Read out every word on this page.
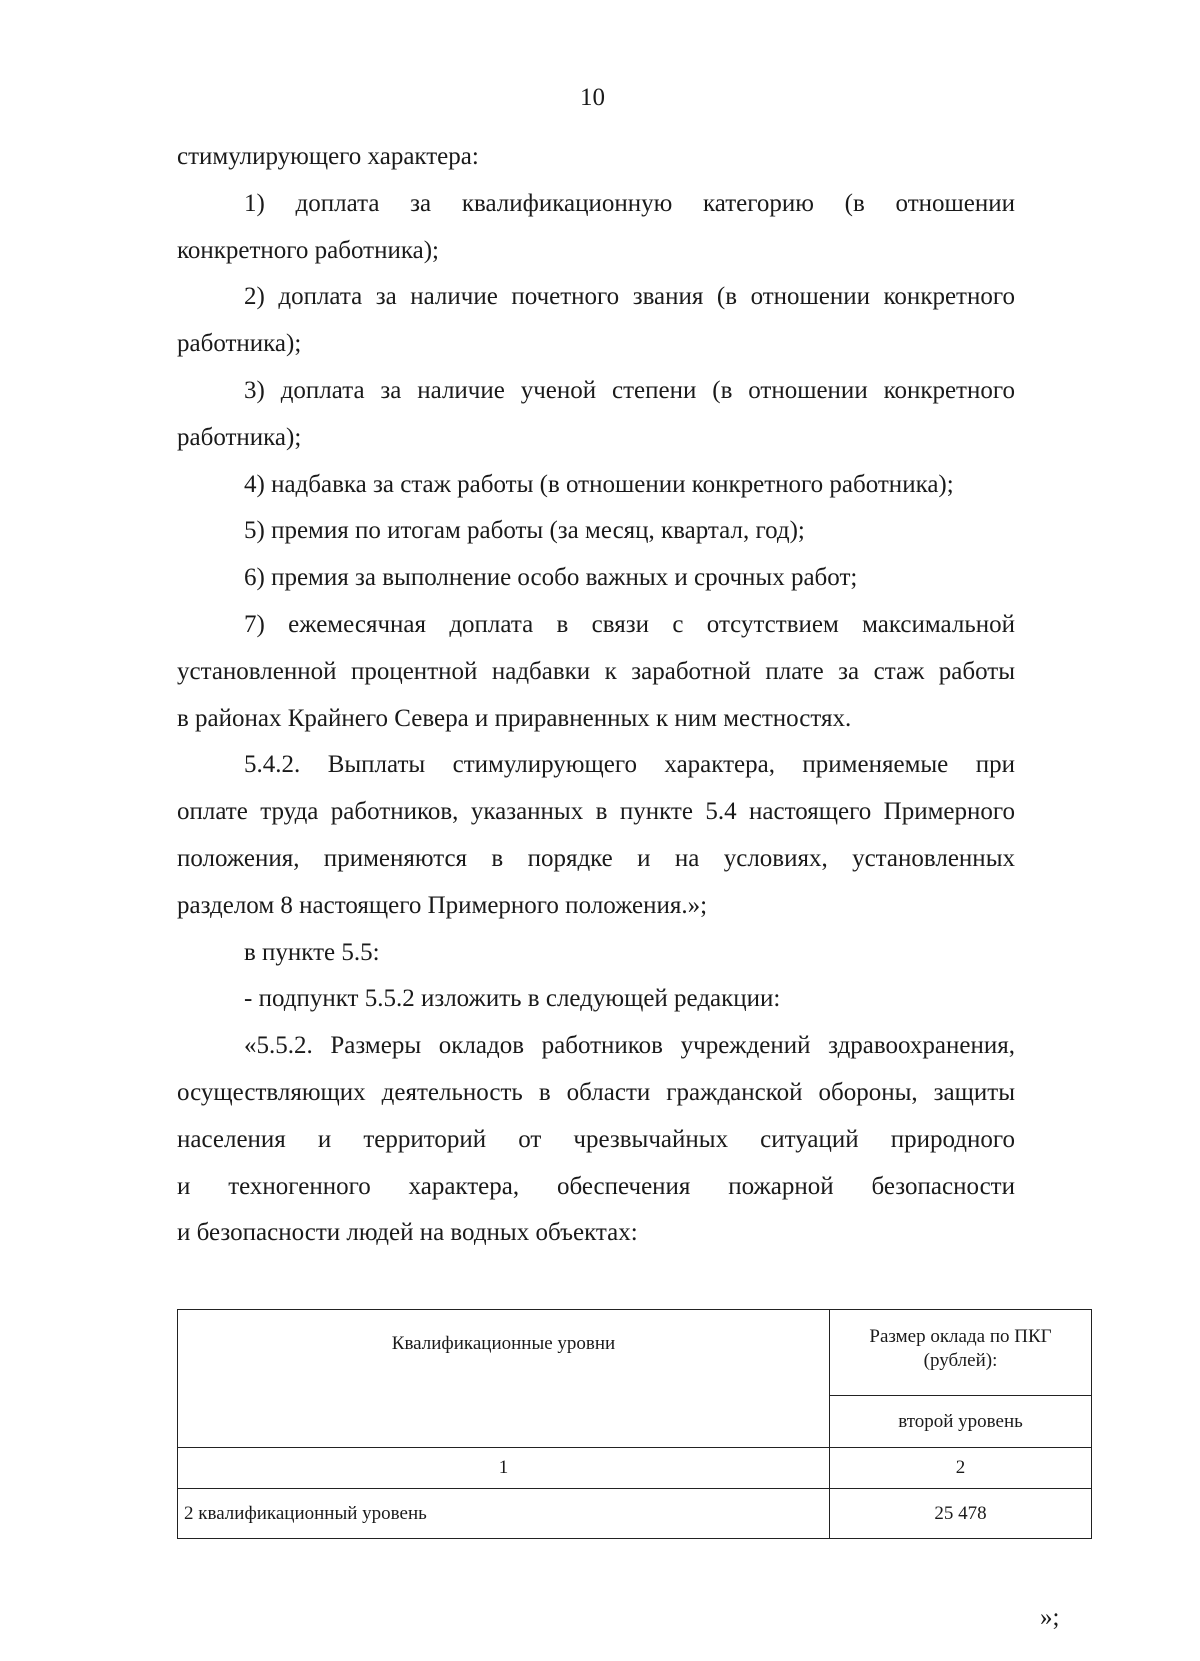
10
стимулирующего характера:
1) доплата за квалификационную категорию (в отношении
конкретного работника);
2) доплата за наличие почетного звания (в отношении конкретного
работника);
3) доплата за наличие ученой степени (в отношении конкретного
работника);
4) надбавка за стаж работы (в отношении конкретного работника);
5) премия по итогам работы (за месяц, квартал, год);
6) премия за выполнение особо важных и срочных работ;
7) ежемесячная доплата в связи с отсутствием максимальной
установленной процентной надбавки к заработной плате за стаж работы
в районах Крайнего Севера и приравненных к ним местностях.
5.4.2. Выплаты стимулирующего характера, применяемые при
оплате труда работников, указанных в пункте 5.4 настоящего Примерного
положения, применяются в порядке и на условиях, установленных
разделом 8 настоящего Примерного положения.»;
в пункте 5.5:
- подпункт 5.5.2 изложить в следующей редакции:
«5.5.2. Размеры окладов работников учреждений здравоохранения,
осуществляющих деятельность в области гражданской обороны, защиты
населения и территорий от чрезвычайных ситуаций природного
и техногенного характера, обеспечения пожарной безопасности
и безопасности людей на водных объектах:
Квалификационные уровни	Размер оклада по ПКГ
(рублей):

	второй уровень
1	2
2 квалификационный уровень	25 478
»;
